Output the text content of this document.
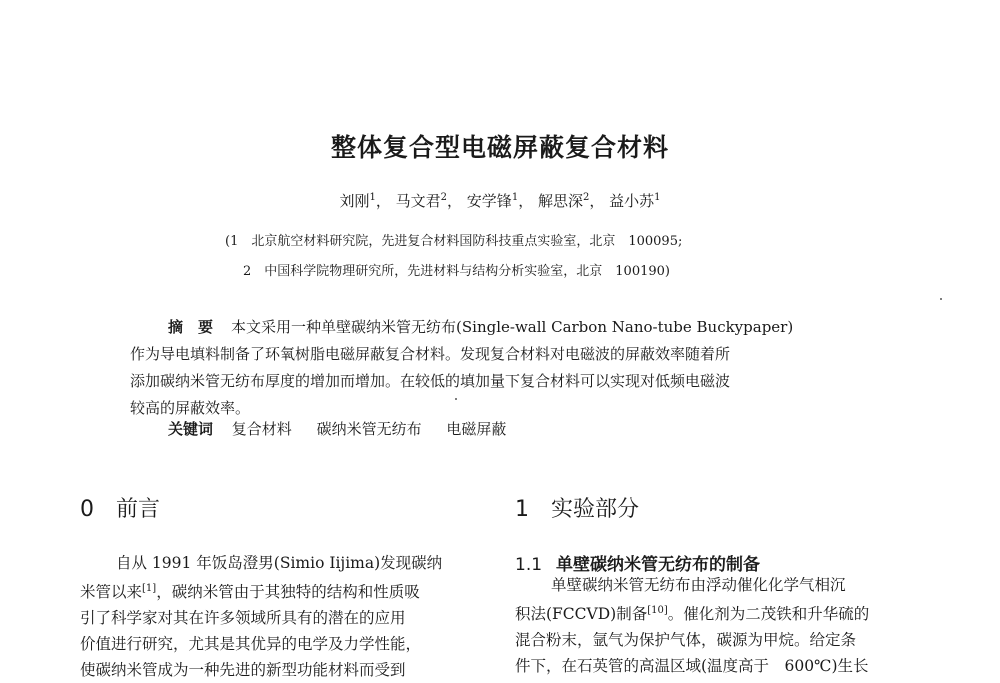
整体复合型电磁屏蔽复合材料
刘刚$^1$， 马文君$^2$， 安学锋$^1$， 解思深$^2$， 益小苏$^1$
(1　北京航空材料研究院，先进复合材料国防科技重点实验室，北京　100095;
2　中国科学院物理研究所，先进材料与结构分析实验室，北京　100190)
摘　要 本文采用一种单壁碳纳米管无纺布(Single-wall Carbon Nano-tube Buckypaper)
作为导电填料制备了环氧树脂电磁屏蔽复合材料。发现复合材料对电磁波的屏蔽效率随着所
添加碳纳米管无纺布厚度的增加而增加。在较低的填加量下复合材料可以实现对低频电磁波
较高的屏蔽效率。
关键词 复合材料 碳纳米管无纺布 电磁屏蔽
0 前言
自从 1991 年饭岛澄男(Simio Iijima)发现碳纳
米管以来[1]，碳纳米管由于其独特的结构和性质吸
引了科学家对其在许多领域所具有的潜在的应用
价值进行研究，尤其是其优异的电学及力学性能，
使碳纳米管成为一种先进的新型功能材料而受到
1 实验部分
1.1 单壁碳纳米管无纺布的制备
单壁碳纳米管无纺布由浮动催化化学气相沉
积法(FCCVD)制备[10]。催化剂为二茂铁和升华硫的
混合粉末，氩气为保护气体，碳源为甲烷。给定条
件下，在石英管的高温区域(温度高于　600℃)生长
